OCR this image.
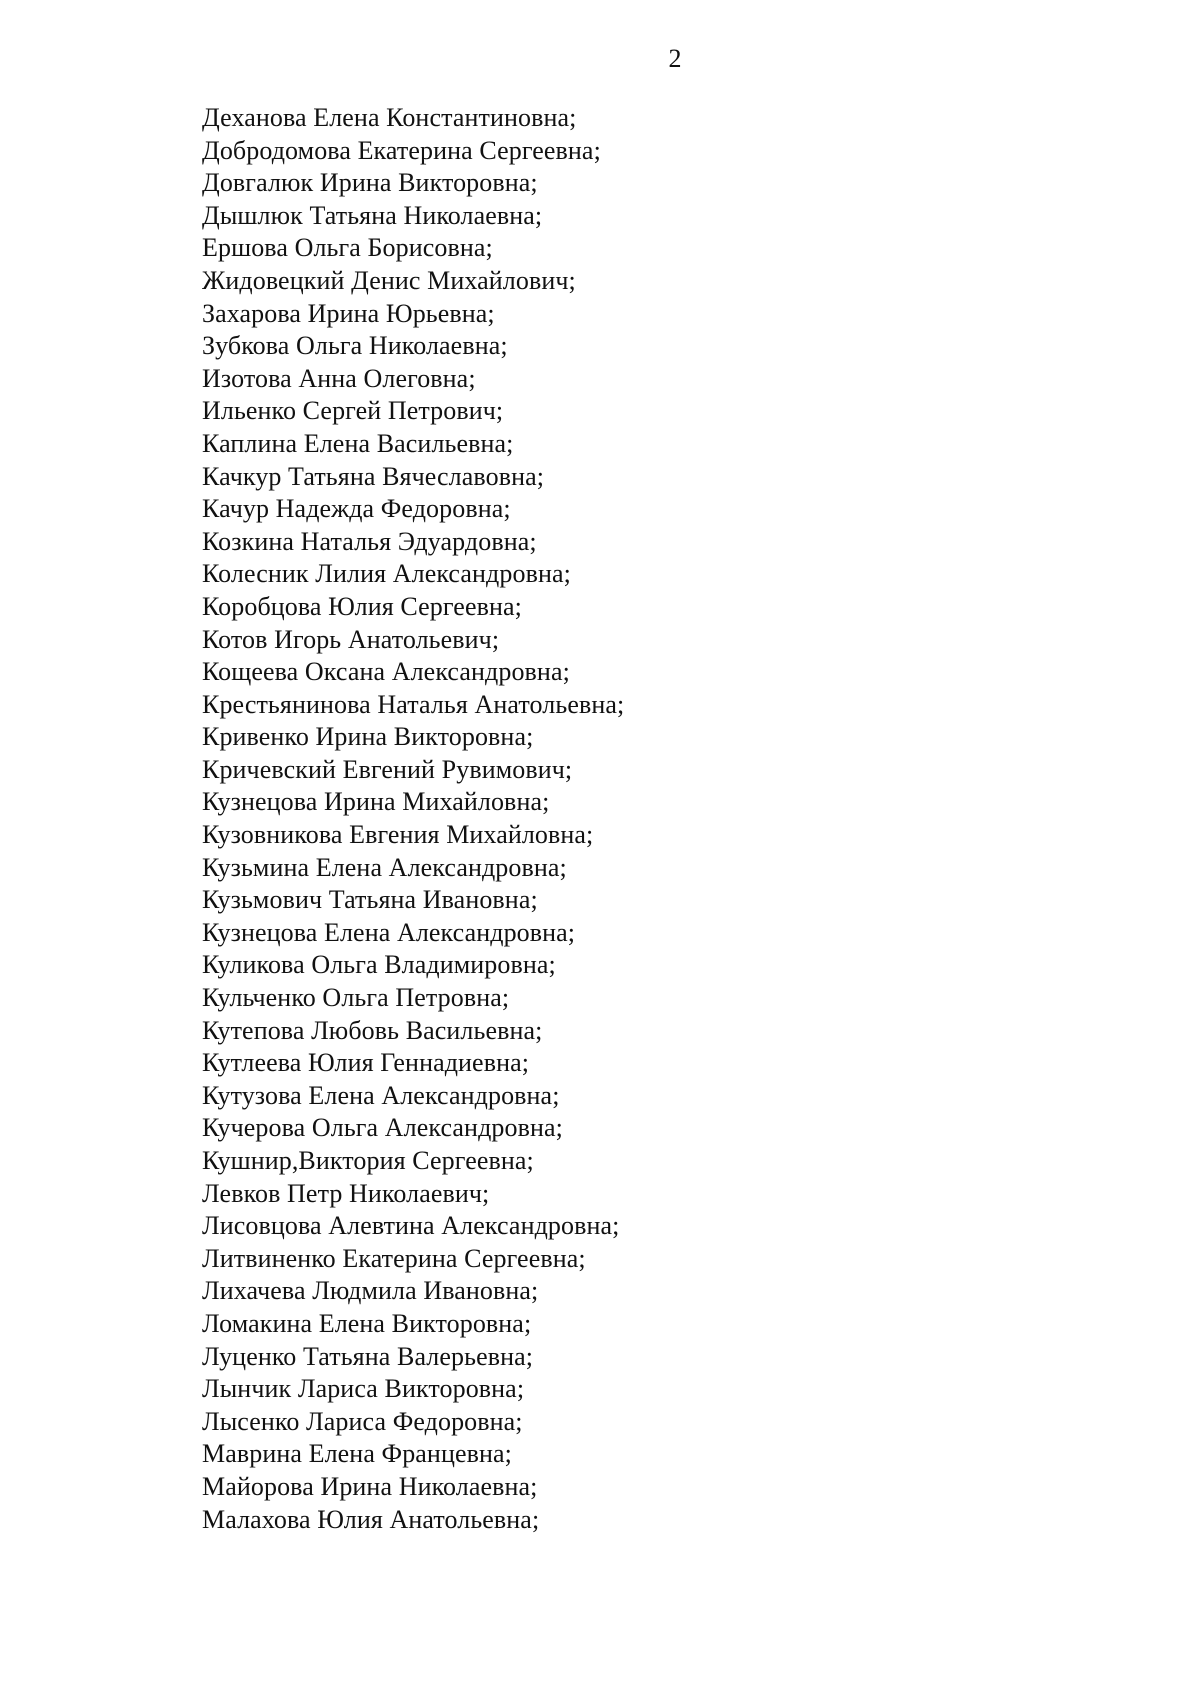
2
Деханова Елена Константиновна;
Добродомова Екатерина Сергеевна;
Довгалюк Ирина Викторовна;
Дышлюк Татьяна Николаевна;
Ершова Ольга Борисовна;
Жидовецкий Денис Михайлович;
Захарова Ирина Юрьевна;
Зубкова Ольга Николаевна;
Изотова Анна Олеговна;
Ильенко Сергей Петрович;
Каплина Елена Васильевна;
Качкур Татьяна Вячеславовна;
Качур Надежда Федоровна;
Козкина Наталья Эдуардовна;
Колесник Лилия Александровна;
Коробцова Юлия Сергеевна;
Котов Игорь Анатольевич;
Кощеева Оксана Александровна;
Крестьянинова Наталья Анатольевна;
Кривенко Ирина Викторовна;
Кричевский Евгений Рувимович;
Кузнецова Ирина Михайловна;
Кузовникова Евгения Михайловна;
Кузьмина Елена Александровна;
Кузьмович Татьяна Ивановна;
Кузнецова Елена Александровна;
Куликова Ольга Владимировна;
Кульченко Ольга Петровна;
Кутепова Любовь Васильевна;
Кутлеева Юлия Геннадиевна;
Кутузова Елена Александровна;
Кучерова Ольга Александровна;
Кушнир,Виктория Сергеевна;
Левков Петр Николаевич;
Лисовцова Алевтина Александровна;
Литвиненко Екатерина Сергеевна;
Лихачева Людмила Ивановна;
Ломакина Елена Викторовна;
Луценко Татьяна Валерьевна;
Лынчик Лариса Викторовна;
Лысенко Лариса Федоровна;
Маврина Елена Францевна;
Майорова Ирина Николаевна;
Малахова Юлия Анатольевна;
